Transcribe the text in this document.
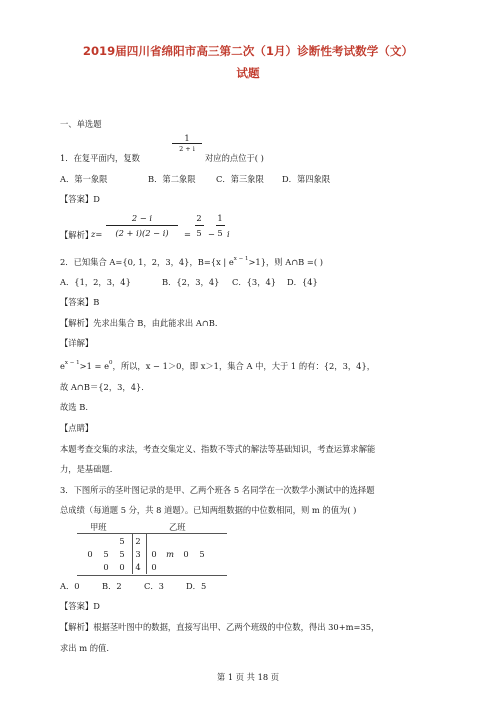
2019届四川省绵阳市高三第二次（1月）诊断性考试数学（文）
试题
一、单选题
1
2 + i
1．在复平面内，复数	对应的点位于( )
A．第一象限	B．第二象限 C．第三象限 D．第四象限
【答案】D
【解析】
z=
2 − i
(2 + i)(2 − i)	=
2
5 −
1
5 i
2．已知集合 A={0, 1，2，3，4}，B={x | $e^{x - 1}>1$}，则 A∩B =( )
A．{1，2，3，4}	B．{2，3，4} C．{3，4} D．{4}
【答案】B
【解析】先求出集合 B，由此能求出 A∩B.
【详解】
$e^{x - 1}>1 = e^0$，所以，x − 1＞0，即 x＞1，集合 A 中，大于 1 的有：{2，3，4}，
故 A∩B＝{2，3，4}．
故选 B.
【点睛】
本题考查交集的求法，考查交集定义、指数不等式的解法等基础知识，考查运算求解能
力，是基础题.
3．下图所示的茎叶图记录的是甲、乙两个班各 5 名同学在一次数学小测试中的选择题
总成绩（每道题 5 分，共 8 道题）。已知两组数据的中位数相同，则 m 的值为( )
甲班	乙班
		5	2				
0	5	5	3	0	m	0	5
	0	0	4	0			
A．0	B．2	C．3	D．5
【答案】D
【解析】根据茎叶图中的数据，直接写出甲、乙两个班级的中位数，得出 30+m=35，
求出 m 的值.
第 1 页 共 18 页
